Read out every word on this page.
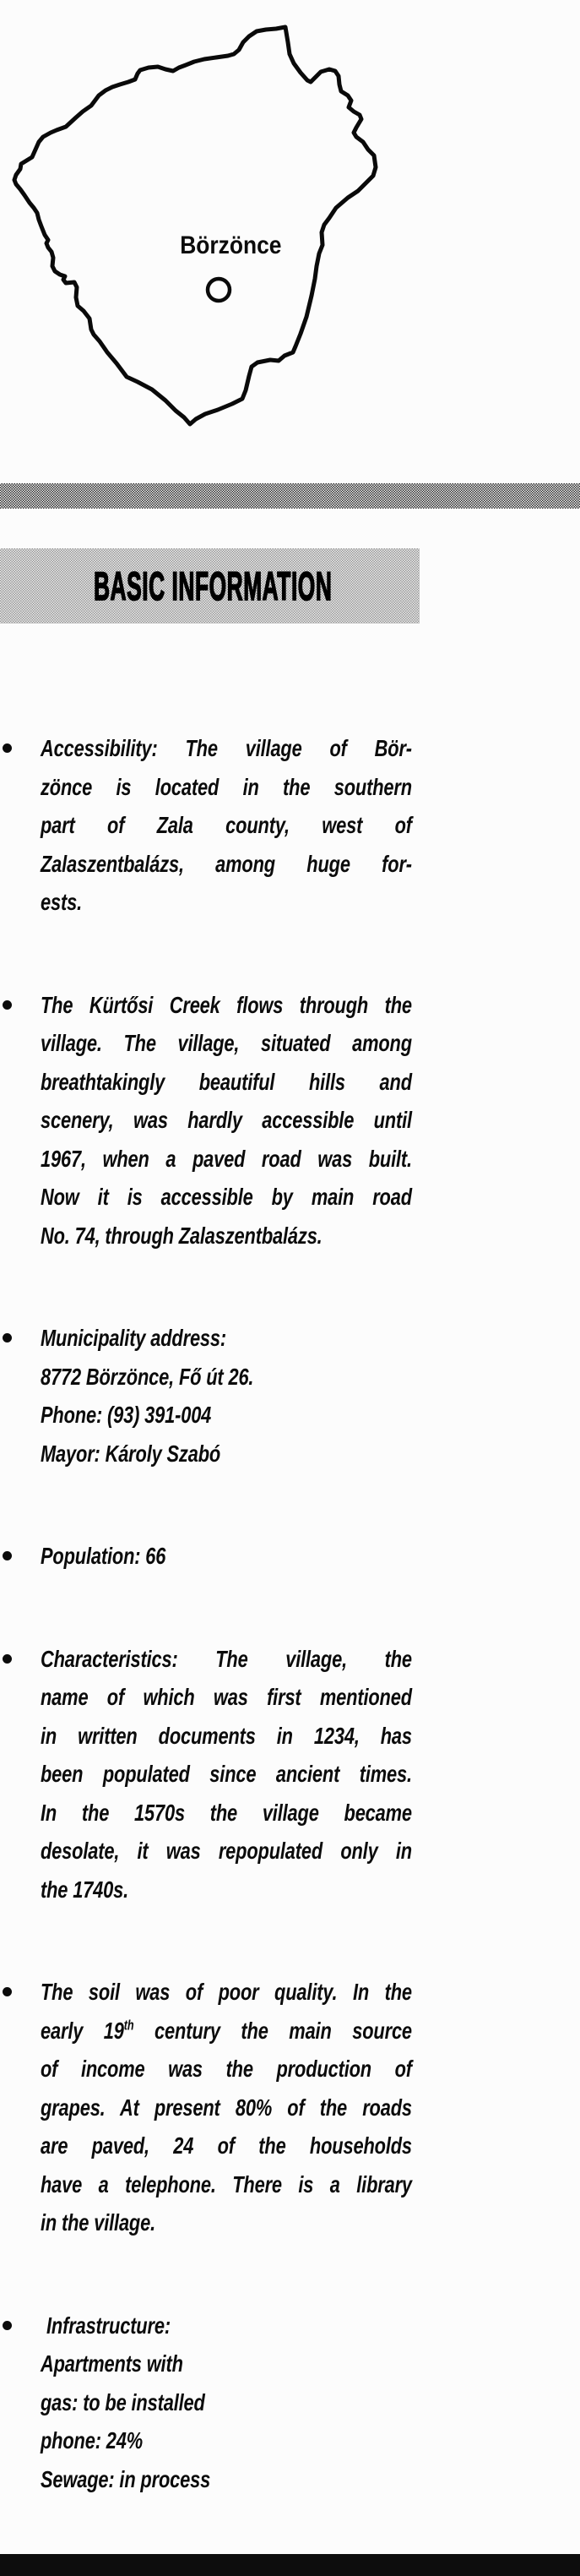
Börzönce
BASIC INFORMATION
Accessibility: The village of Bör-
zönce is located in the southern
part of Zala county, west of
Zalaszentbalázs, among huge for-
ests.
The Kürtősi Creek flows through the
village. The village, situated among
breathtakingly beautiful hills and
scenery, was hardly accessible until
1967, when a paved road was built.
Now it is accessible by main road
No. 74, through Zalaszentbalázs.
Municipality address:
8772 Börzönce, Fő út 26.
Phone: (93) 391-004
Mayor: Károly Szabó
Population: 66
Characteristics: The village, the
name of which was first mentioned
in written documents in 1234, has
been populated since ancient times.
In the 1570s the village became
desolate, it was repopulated only in
the 1740s.
The soil was of poor quality. In the
early 19th century the main source
of income was the production of
grapes. At present 80% of the roads
are paved, 24 of the households
have a telephone. There is a library
in the village.
Infrastructure:
Apartments with
gas: to be installed
phone: 24%
Sewage: in process
